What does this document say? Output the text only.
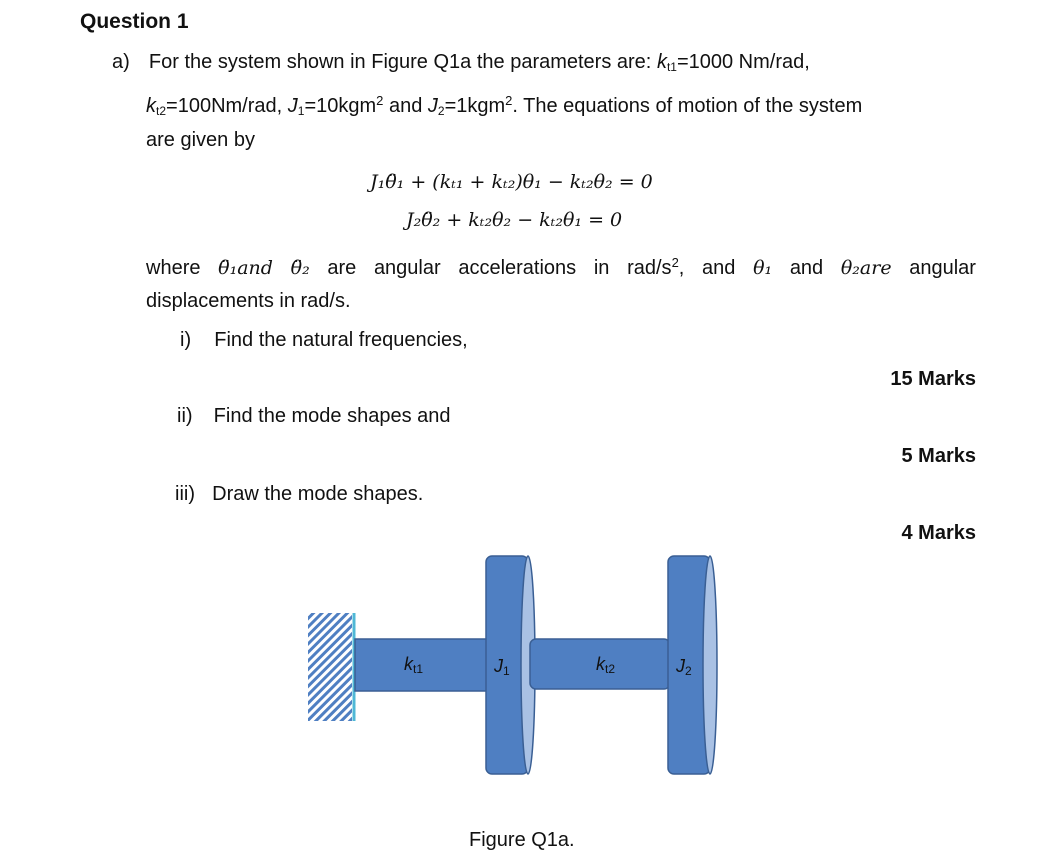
Question 1
a) For the system shown in Figure Q1a the parameters are: $k_{t1}=1000$ Nm/rad,
$k_{t2}=100Nm$/rad, $J_1=10kgm^2$ and $J_2=1kgm^2$. The equations of motion of the system
are given by
J₁θ̈₁ + (kₜ₁ + kₜ₂)θ₁ − kₜ₂θ₂ = 0
J₂θ̈₂ + kₜ₂θ₂ − kₜ₂θ₁ = 0
where θ̈₁and θ̈₂ are angular accelerations in rad/$s^2$, and θ₁ and θ₂are angular
displacements in rad/s.
i) Find the natural frequencies,
15 Marks
ii) Find the mode shapes and
5 Marks
iii) Draw the mode shapes.
4 Marks
kt1	J1	kt2	J2
Figure Q1a.
